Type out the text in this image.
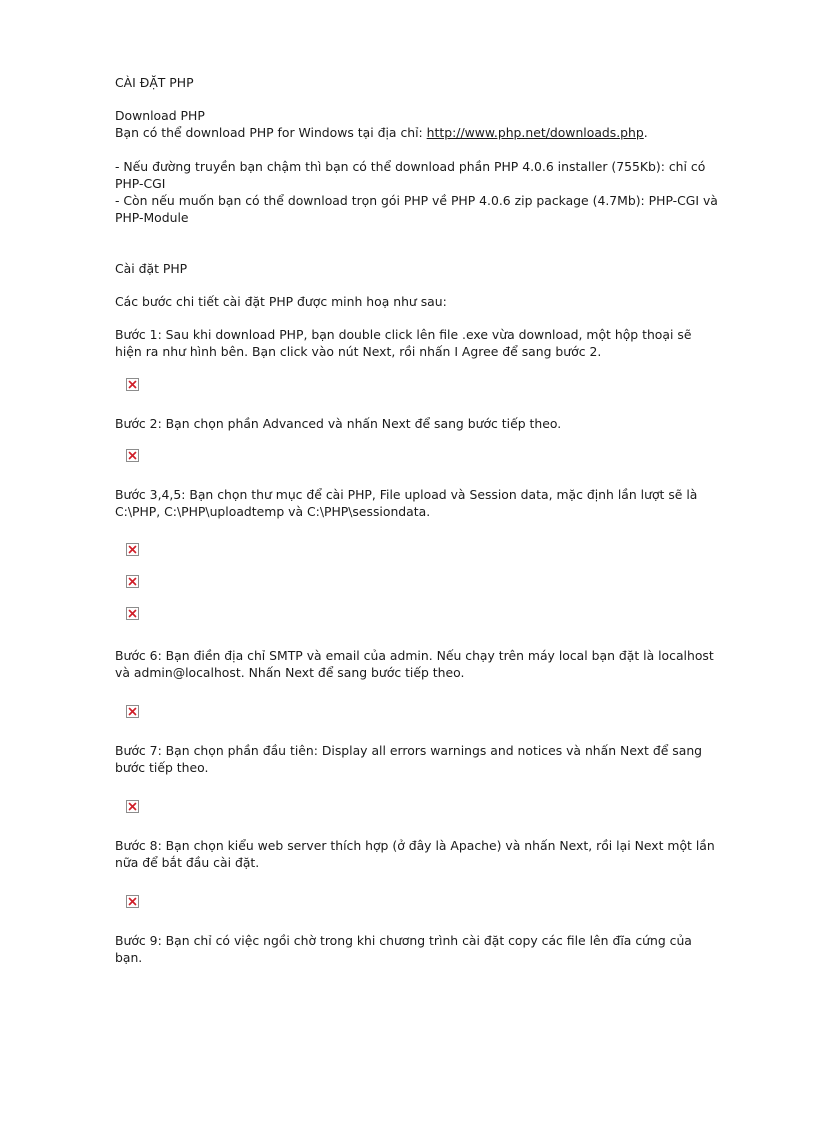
CÀI ĐẶT PHP

Download PHP

Bạn có thể download PHP for Windows tại địa chỉ: http://www.php.net/downloads.php.

- Nếu đường truyền bạn chậm thì bạn có thể download phần PHP 4.0.6 installer (755Kb): chỉ có PHP-CGI

- Còn nếu muốn bạn có thể download trọn gói PHP về PHP 4.0.6 zip package (4.7Mb): PHP-CGI và PHP-Module

Cài đặt PHP

Các bước chi tiết cài đặt PHP được minh hoạ như sau:

Bước 1: Sau khi download PHP, bạn double click lên file .exe vừa download, một hộp thoại sẽ hiện ra như hình bên. Bạn click vào nút Next, rồi nhấn I Agree để sang bước 2.

Bước 2: Bạn chọn phần Advanced và nhấn Next để sang bước tiếp theo.

Bước 3,4,5: Bạn chọn thư mục để cài PHP, File upload và Session data, mặc định lần lượt sẽ là C:\PHP, C:\PHP\uploadtemp và C:\PHP\sessiondata.

Bước 6: Bạn điền địa chỉ SMTP và email của admin. Nếu chạy trên máy local bạn đặt là localhost và admin@localhost. Nhấn Next để sang bước tiếp theo.

Bước 7: Bạn chọn phần đầu tiên: Display all errors warnings and notices và nhấn Next để sang bước tiếp theo.

Bước 8: Bạn chọn kiểu web server thích hợp (ở đây là Apache) và nhấn Next, rồi lại Next một lần nữa để bắt đầu cài đặt.

Bước 9: Bạn chỉ có việc ngồi chờ trong khi chương trình cài đặt copy các file lên đĩa cứng của bạn.
